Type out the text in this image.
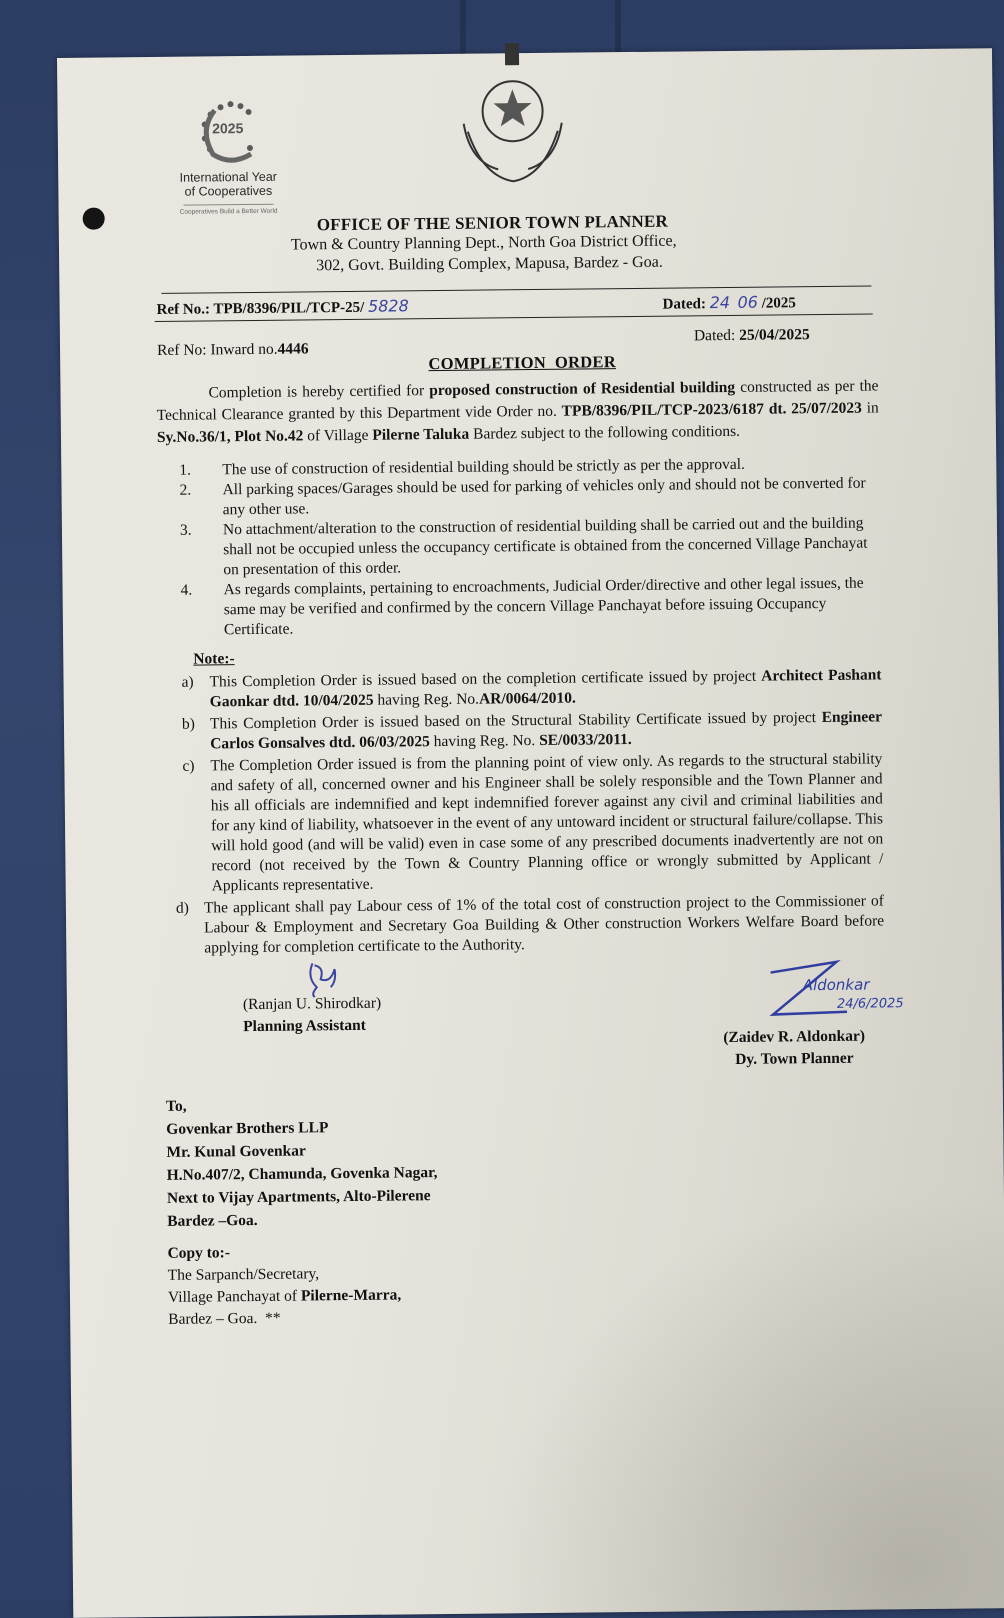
2025
International Year
of Cooperatives
Cooperatives Build a Better World	OFFICE OF THE SENIOR TOWN PLANNER
Town & Country Planning Dept., North Goa District Office,
302, Govt. Building Complex, Mapusa, Bardez - Goa.
Ref No.: TPB/8396/PIL/TCP-25/ 5828	Dated: 24 06 /2025
Ref No: Inward no.4446
Dated: 25/04/2025
COMPLETION  ORDER
Completion is hereby certified for proposed construction of Residential building constructed as per the Technical Clearance granted by this Department vide Order no. TPB/8396/PIL/TCP-2023/6187 dt. 25/07/2023 in Sy.No.36/1, Plot No.42 of Village Pilerne Taluka Bardez subject to the following conditions.
1.	The use of construction of residential building should be strictly as per the approval.
2.	All parking spaces/Garages should be used for parking of vehicles only and should not be converted for any other use.
3.	No attachment/alteration to the construction of residential building shall be carried out and the building shall not be occupied unless the occupancy certificate is obtained from the concerned Village Panchayat on presentation of this order.
4.	As regards complaints, pertaining to encroachments, Judicial Order/directive and other legal issues, the same may be verified and confirmed by the concern Village Panchayat before issuing Occupancy Certificate.
Note:-
a)	This Completion Order is issued based on the completion certificate issued by project Architect Pashant Gaonkar dtd. 10/04/2025 having Reg. No.AR/0064/2010.
b) This Completion Order is issued based on the Structural Stability Certificate issued by project Engineer Carlos Gonsalves dtd. 06/03/2025 having Reg. No. SE/0033/2011.
c)	The Completion Order issued is from the planning point of view only. As regards to the structural stability and safety of all, concerned owner and his Engineer shall be solely responsible and the Town Planner and his all officials are indemnified and kept indemnified forever against any civil and criminal liabilities and for any kind of liability, whatsoever in the event of any untoward incident or structural failure/collapse. This will hold good (and will be valid) even in case some of any prescribed documents inadvertently are not on record (not received by the Town & Country Planning office or wrongly submitted by Applicant / Applicants representative.
d) The applicant shall pay Labour cess of 1% of the total cost of construction project to the Commissioner of Labour & Employment and Secretary Goa Building & Other construction Workers Welfare Board before applying for completion certificate to the Authority.
(Ranjan U. Shirodkar)
Planning Assistant
Aldonkar
24/6/2025
(Zaidev R. Aldonkar)
Dy. Town Planner
To,
Govenkar Brothers LLP
Mr. Kunal Govenkar
H.No.407/2, Chamunda, Govenka Nagar,
Next to Vijay Apartments, Alto-Pilerene
Bardez –Goa.
Copy to:-
The Sarpanch/Secretary,
Village Panchayat of Pilerne-Marra,
Bardez – Goa.  **
